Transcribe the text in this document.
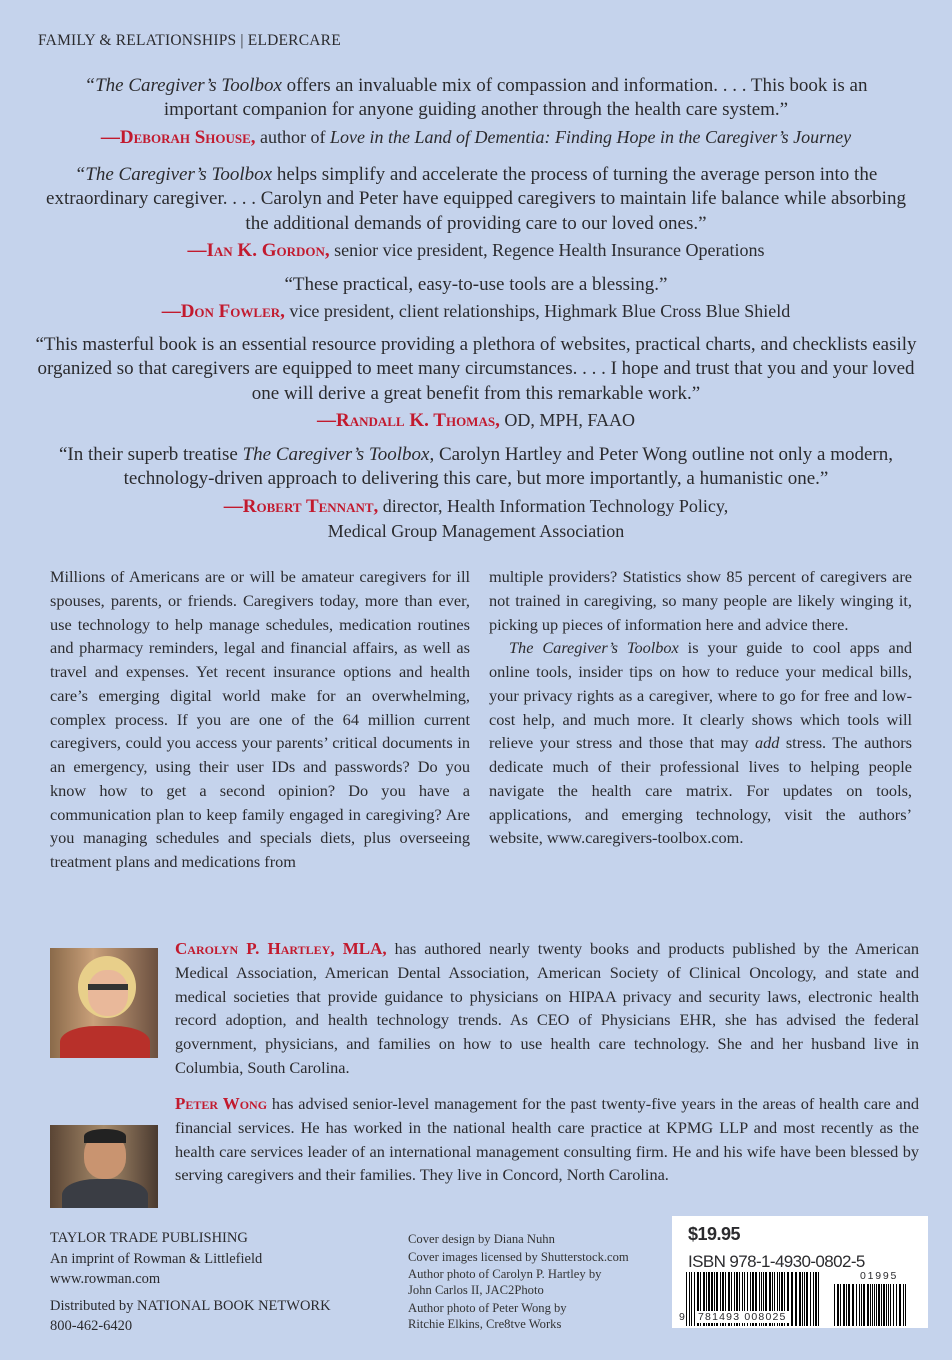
FAMILY & RELATIONSHIPS | ELDERCARE
“The Caregiver’s Toolbox offers an invaluable mix of compassion and information. . . . This book is an important companion for anyone guiding another through the health care system.”
—Deborah Shouse, author of Love in the Land of Dementia: Finding Hope in the Caregiver’s Journey
“The Caregiver’s Toolbox helps simplify and accelerate the process of turning the average person into the extraordinary caregiver. . . . Carolyn and Peter have equipped caregivers to maintain life balance while absorbing the additional demands of providing care to our loved ones.”
—Ian K. Gordon, senior vice president, Regence Health Insurance Operations
“These practical, easy-to-use tools are a blessing.”
—Don Fowler, vice president, client relationships, Highmark Blue Cross Blue Shield
“This masterful book is an essential resource providing a plethora of websites, practical charts, and checklists easily organized so that caregivers are equipped to meet many circumstances. . . . I hope and trust that you and your loved one will derive a great benefit from this remarkable work.”
—Randall K. Thomas, OD, MPH, FAAO
“In their superb treatise The Caregiver’s Toolbox, Carolyn Hartley and Peter Wong outline not only a modern, technology-driven approach to delivering this care, but more importantly, a humanistic one.”
—Robert Tennant, director, Health Information Technology Policy,
Medical Group Management Association
Millions of Americans are or will be amateur caregivers for ill spouses, parents, or friends. Caregivers today, more than ever, use technology to help manage schedules, medication routines and pharmacy reminders, legal and financial affairs, as well as travel and expenses. Yet recent insurance options and health care’s emerging digital world make for an overwhelming, complex process. If you are one of the 64 million current caregivers, could you access your parents’ critical documents in an emergency, using their user IDs and passwords? Do you know how to get a second opinion? Do you have a communication plan to keep family engaged in caregiving? Are you managing schedules and specials diets, plus overseeing treatment plans and medications from
multiple providers? Statistics show 85 percent of caregivers are not trained in caregiving, so many people are likely winging it, picking up pieces of information here and advice there.
The Caregiver’s Toolbox is your guide to cool apps and online tools, insider tips on how to reduce your medical bills, your privacy rights as a caregiver, where to go for free and low-cost help, and much more. It clearly shows which tools will relieve your stress and those that may add stress. The authors dedicate much of their professional lives to helping people navigate the health care matrix. For updates on tools, applications, and emerging technology, visit the authors’ website, www.caregivers-toolbox.com.
Carolyn P. Hartley, MLA, has authored nearly twenty books and products published by the American Medical Association, American Dental Association, American Society of Clinical Oncology, and state and medical societies that provide guidance to physicians on HIPAA privacy and security laws, electronic health record adoption, and health technology trends. As CEO of Physicians EHR, she has advised the federal government, physicians, and families on how to use health care technology. She and her husband live in Columbia, South Carolina.
Peter Wong has advised senior-level management for the past twenty-five years in the areas of health care and financial services. He has worked in the national health care practice at KPMG LLP and most recently as the health care services leader of an international management consulting firm. He and his wife have been blessed by serving caregivers and their families. They live in Concord, North Carolina.
TAYLOR TRADE PUBLISHING
An imprint of Rowman & Littlefield
www.rowman.com
Distributed by NATIONAL BOOK NETWORK
800-462-6420
Cover design by Diana Nuhn
Cover images licensed by Shutterstock.com
Author photo of Carolyn P. Hartley by
John Carlos II, JAC2Photo
Author photo of Peter Wong by
Ritchie Elkins, Cre8tve Works
$19.95
ISBN 978-1-4930-0802-5
9 781493 008025
01995
